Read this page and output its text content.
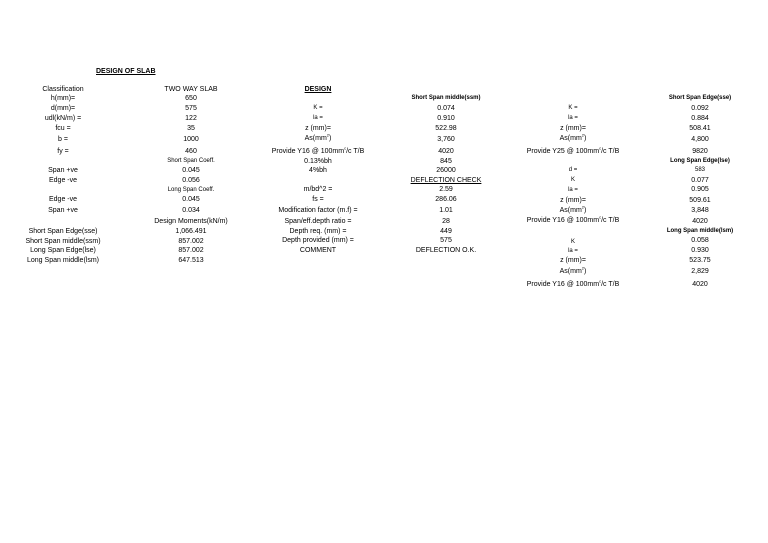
DESIGN OF SLAB
Classification	TWO WAY SLAB
h(mm)=	650
d(mm)=	575
udl(kN/m) =	122
fcu =	35
b =	1000
fy =	460
Short Span Coeff.
Span +ve	0.045
Edge -ve	0.056
Long Span Coeff.
Edge -ve	0.045
Span +ve	0.034
Design Moments(kN/m)
Short Span Edge(sse)	1,066.491
Short Span middle(ssm)	857.002
Long Span Edge(lse)	857.002
Long Span middle(lsm)	647.513
DESIGN
Short Span middle(ssm)
K =	0.074
la =	0.910
z (mm)=	522.98
$As(mm^2)$	3,760
Provide Y16 @ $100mm^c/c$ T/B	4020
0.13%bh	845
4%bh	26000
DEFLECTION CHECK
m/bd^2 =	2.59
fs =	286.06
Modification factor (m.f) =	1.01
Span/eff.depth ratio =	28
Depth req. (mm) =	449
Depth provided (mm) =	575
COMMENT	DEFLECTION O.K.
Short Span Edge(sse)
K =	0.092
la =	0.884
z (mm)=	508.41
$As(mm^2)$	4,800
Provide Y25 @ $100mm^c/c$ T/B	9820
Long Span Edge(lse)
d =	583
K	0.077
la =	0.905
z (mm)=	509.61
$As(mm^2)$	3,848
Provide Y16 @ $100mm^c/c$ T/B	4020
Long Span middle(lsm)
K	0.058
la =	0.930
z (mm)=	523.75
$As(mm^2)$	2,829
Provide Y16 @ $100mm^c/c$ T/B	4020
